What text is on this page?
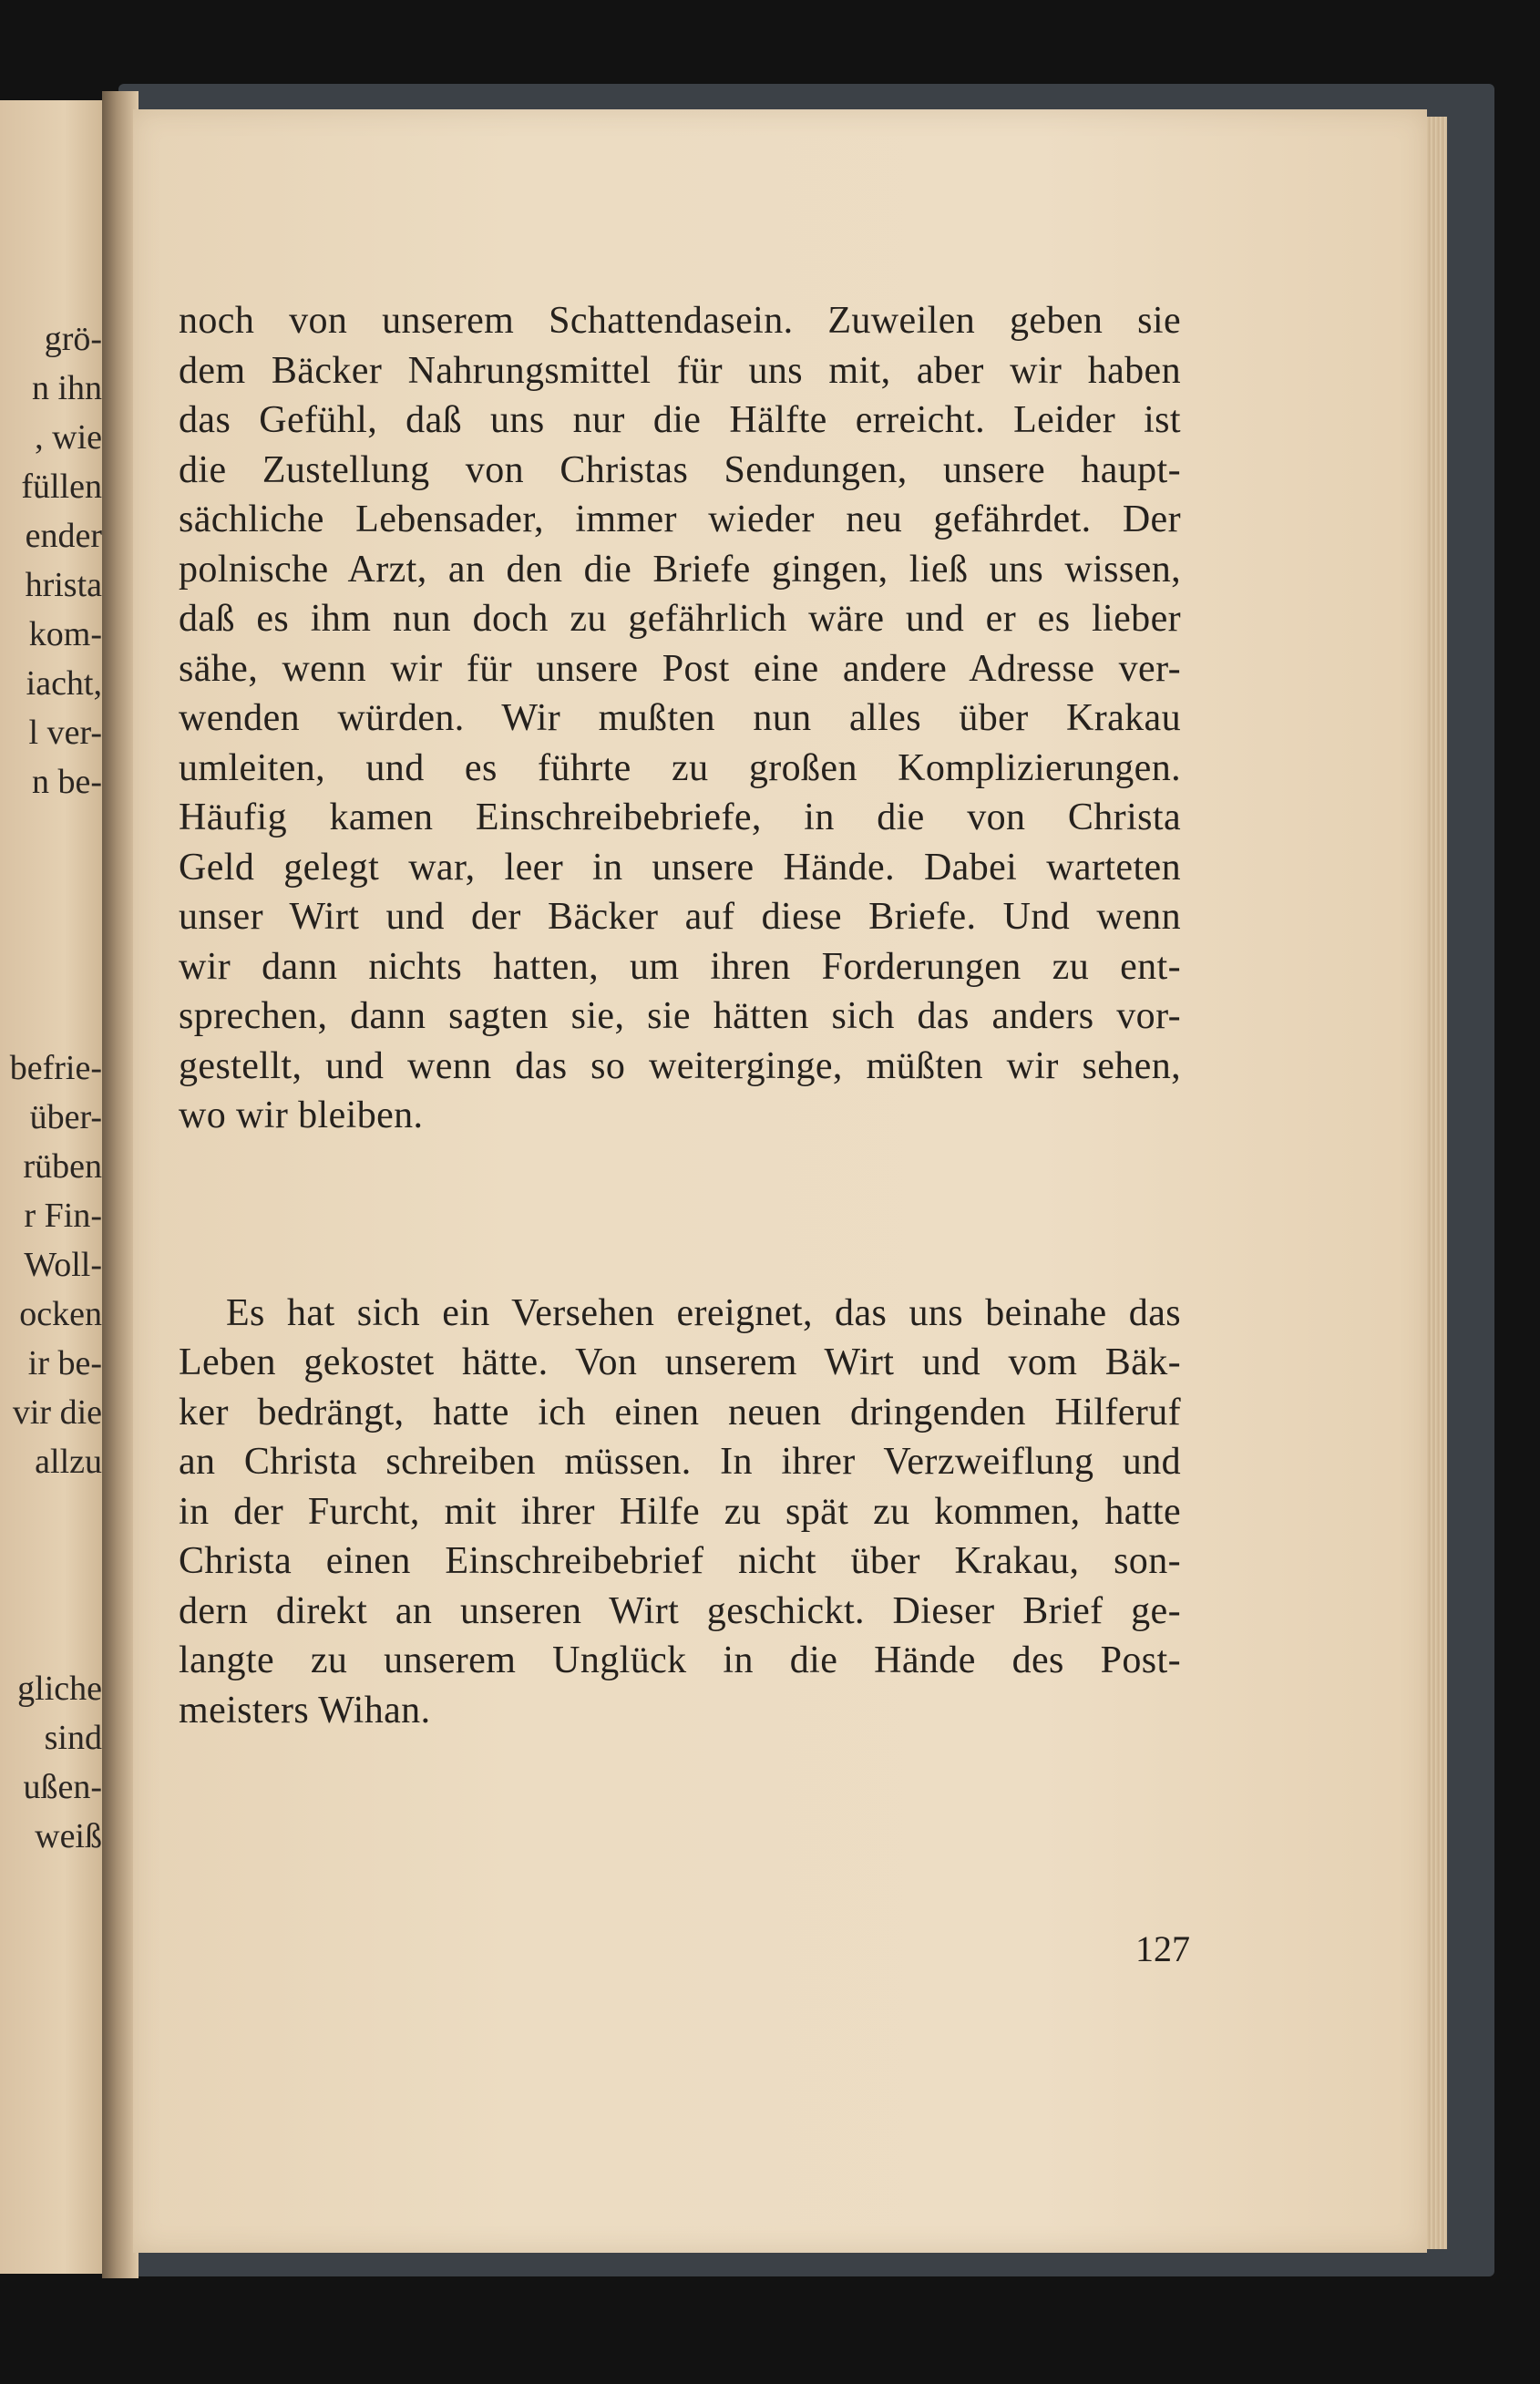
grö-
n ihn
, wie
füllen
ender
hrista
kom-
iacht,
l ver-
n be-
befrie-
über-
rüben
r Fin-
Woll-
ocken
ir be-
vir die
allzu
gliche
sind
ußen-
weiß

noch von unserem Schattendasein. Zuweilen geben sie
dem Bäcker Nahrungsmittel für uns mit, aber wir haben
das Gefühl, daß uns nur die Hälfte erreicht. Leider ist
die Zustellung von Christas Sendungen, unsere haupt-
sächliche Lebensader, immer wieder neu gefährdet. Der
polnische Arzt, an den die Briefe gingen, ließ uns wissen,
daß es ihm nun doch zu gefährlich wäre und er es lieber
sähe, wenn wir für unsere Post eine andere Adresse ver-
wenden würden. Wir mußten nun alles über Krakau
umleiten, und es führte zu großen Komplizierungen.
Häufig kamen Einschreibebriefe, in die von Christa
Geld gelegt war, leer in unsere Hände. Dabei warteten
unser Wirt und der Bäcker auf diese Briefe. Und wenn
wir dann nichts hatten, um ihren Forderungen zu ent-
sprechen, dann sagten sie, sie hätten sich das anders vor-
gestellt, und wenn das so weiterginge, müßten wir sehen,
wo wir bleiben.

Es hat sich ein Versehen ereignet, das uns beinahe das
Leben gekostet hätte. Von unserem Wirt und vom Bäk-
ker bedrängt, hatte ich einen neuen dringenden Hilferuf
an Christa schreiben müssen. In ihrer Verzweiflung und
in der Furcht, mit ihrer Hilfe zu spät zu kommen, hatte
Christa einen Einschreibebrief nicht über Krakau, son-
dern direkt an unseren Wirt geschickt. Dieser Brief ge-
langte zu unserem Unglück in die Hände des Post-
meisters Wihan.

127
